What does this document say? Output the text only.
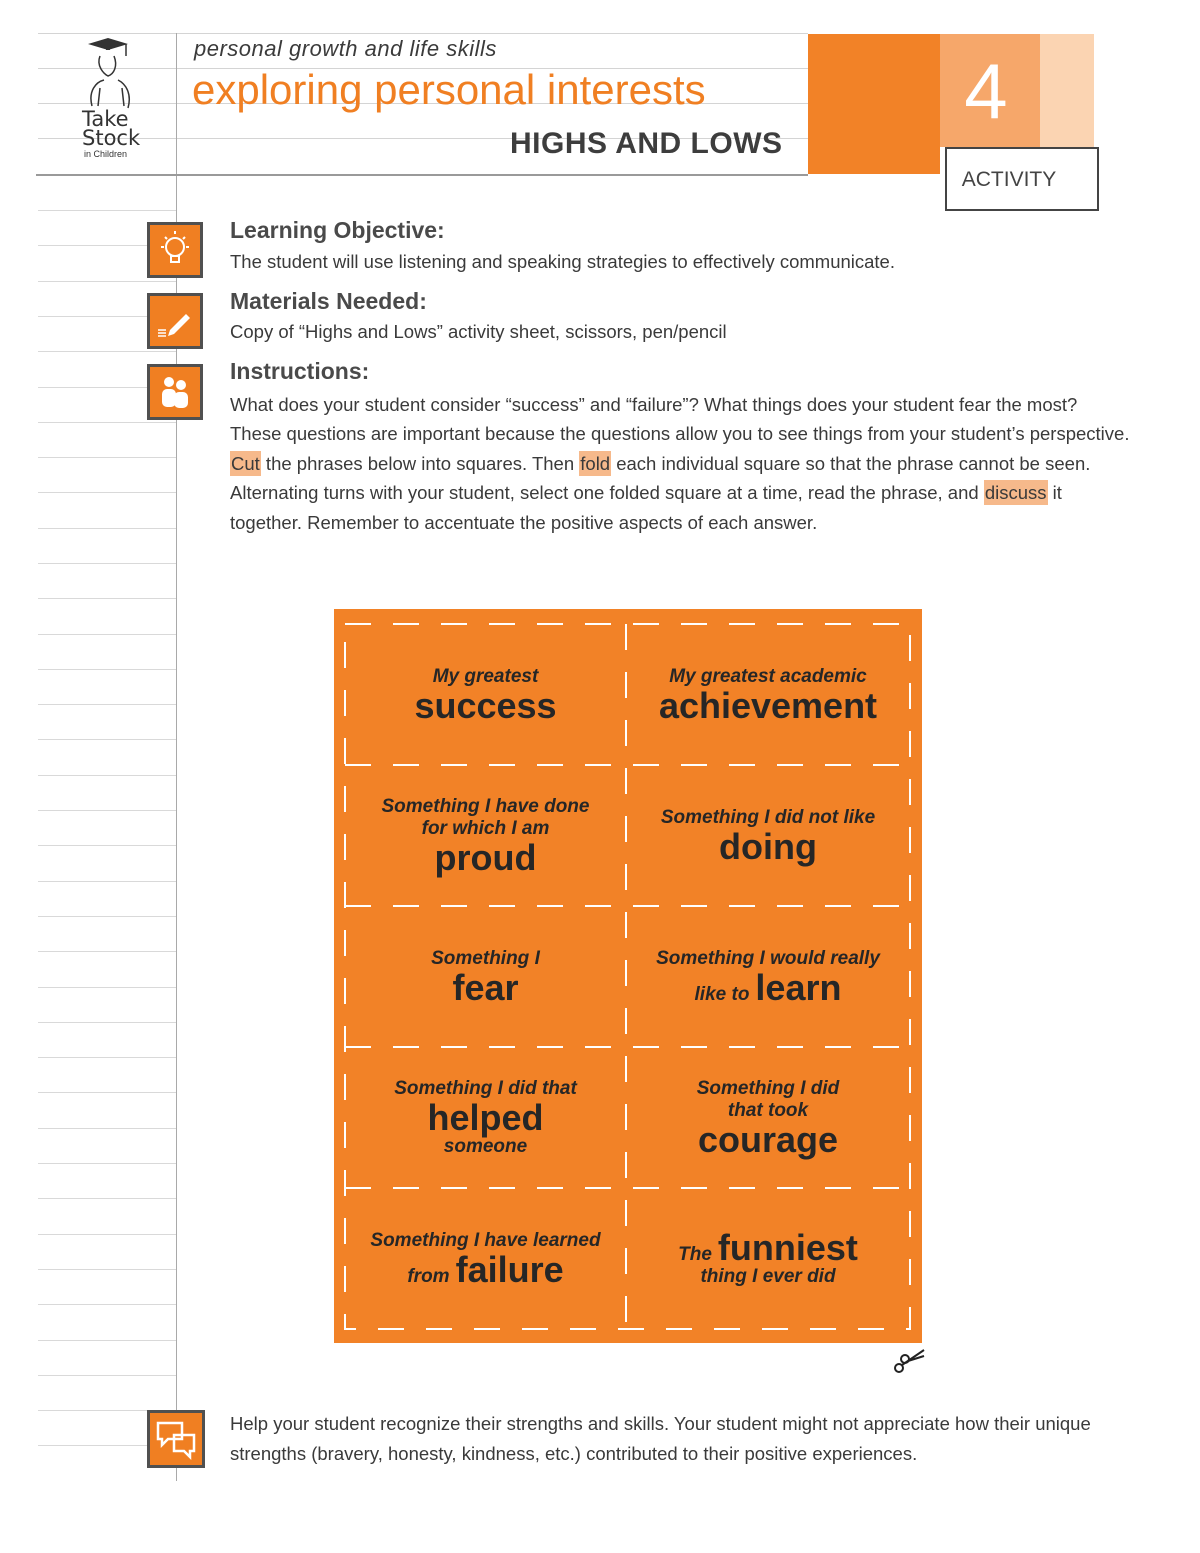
personal growth and life skills
exploring personal interests
HIGHS AND LOWS
4
ACTIVITY
Take
Stock
in Children
Learning Objective:
The student will use listening and speaking strategies to effectively communicate.
Materials Needed:
Copy of “Highs and Lows” activity sheet, scissors, pen/pencil
Instructions:
What does your student consider “success” and “failure”? What things does your student fear the most? These questions are important because the questions allow you to see things from your student’s perspective. Cut the phrases below into squares. Then fold each individual square so that the phrase cannot be seen. Alternating turns with your student, select one folded square at a time, read the phrase, and discuss it together. Remember to accentuate the positive aspects of each answer.
My greatest
success
My greatest academic
achievement
Something I have done
for which I am
proud
Something I did not like
doing
Something I
fear
Something I would really
like to learn
Something I did that
helped
someone
Something I did
that took
courage
Something I have learned
from failure	The funniest
thing I ever did
Help your student recognize their strengths and skills. Your student might not appreciate how their unique strengths (bravery, honesty, kindness, etc.) contributed to their positive experiences.
